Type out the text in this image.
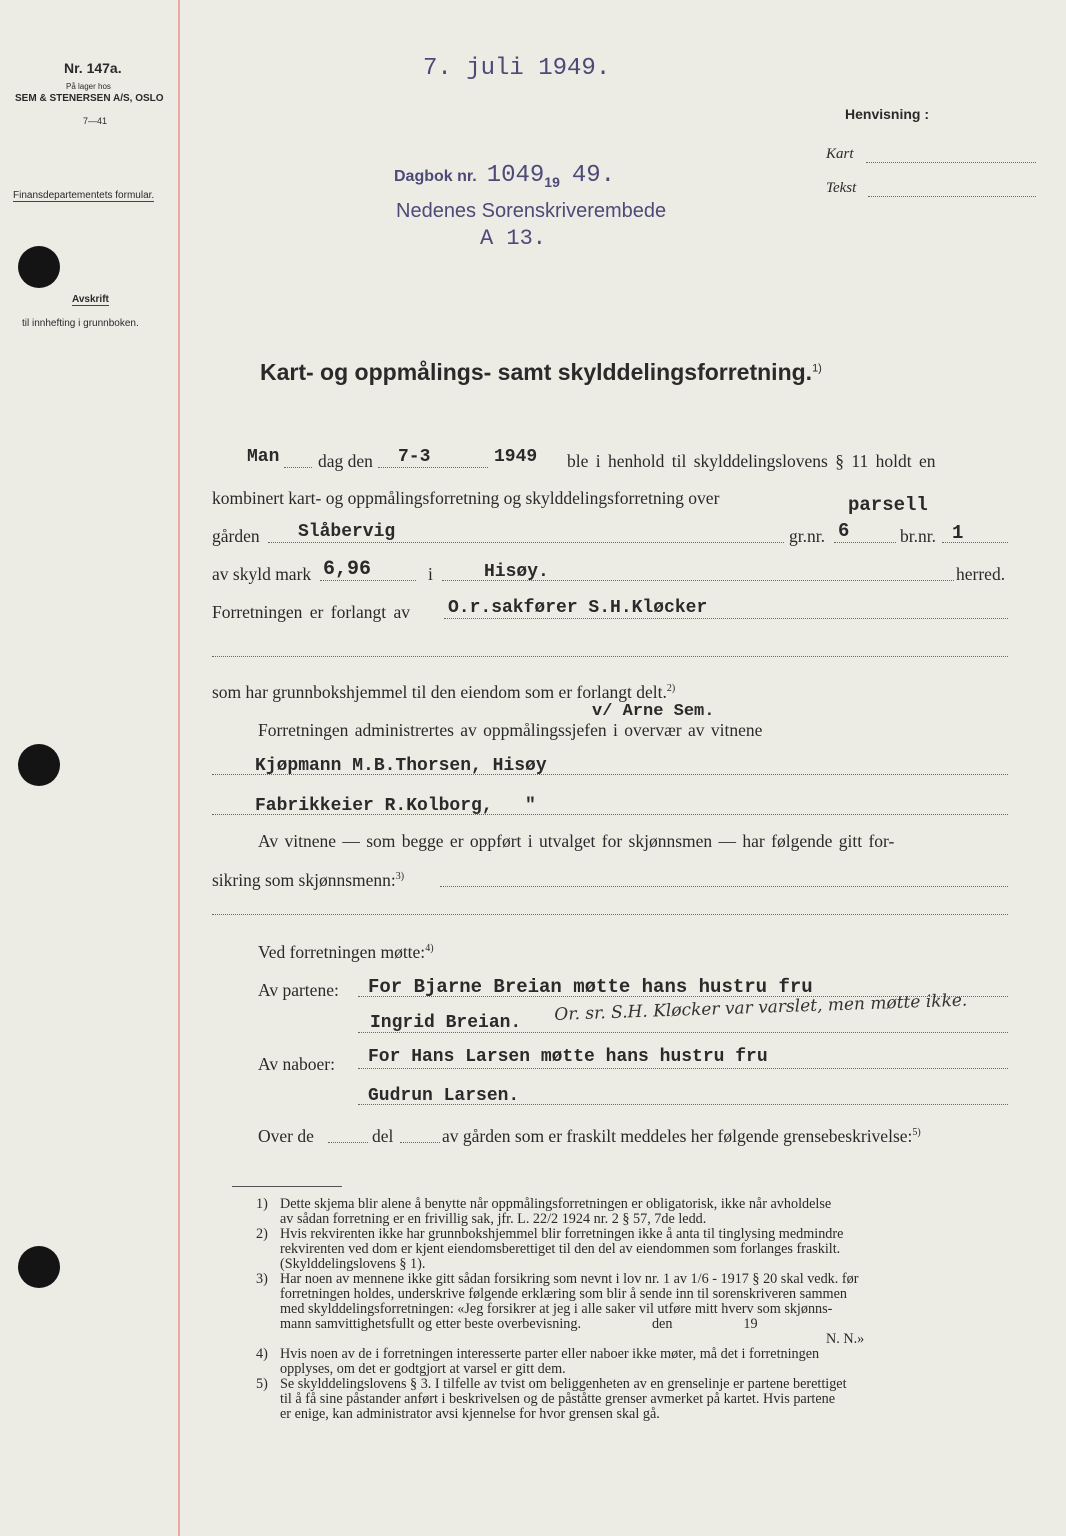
Nr. 147a.
På lager hos
SEM & STENERSEN A/S, OSLO
7—41
Finansdepartementets formular.
Avskrift
til innhefting i grunnboken.
7. juli 1949.
Dagbok nr. 104919 49.
Nedenes Sorenskriverembede
A 13.
Henvisning :
Kart
Tekst
Kart- og oppmålings- samt skylddelingsforretning.$^{1)}$
Man dag den 7-3	1949 ble i henhold til skylddelingslovens § 11 holdt en
kombinert kart- og oppmålingsforretning og skylddelingsforretning over	parsell
gården Slåbervig	gr.nr. 6	br.nr. 1
av skyld mark 6,96	i	Hisøy.	herred.
Forretningen er forlangt av O.r.sakfører S.H.Kløcker
som har grunnbokshjemmel til den eiendom som er forlangt delt.$^{2)}$
v/ Arne Sem.
Forretningen administrertes av oppmålingssjefen i overvær av vitnene
Kjøpmann M.B.Thorsen, Hisøy
Fabrikkeier R.Kolborg,   "
Av vitnene — som begge er oppført i utvalget for skjønnsmen — har følgende gitt for-
sikring som skjønnsmenn:$^{3)}$
Ved forretningen møtte:$^{4)}$
Av partene: For Bjarne Breian møtte hans hustru fru
Ingrid Breian. Or. sr. S.H. Kløcker var varslet, men møtte ikke.
Av naboer: For Hans Larsen møtte hans hustru fru
Gudrun Larsen.
Over de	del	av gården som er fraskilt meddeles her følgende grensebeskrivelse:$^{5)}$
1) Dette skjema blir alene å benytte når oppmålingsforretningen er obligatorisk, ikke når avholdelse
av sådan forretning er en frivillig sak, jfr. L. 22/2 1924 nr. 2 § 57, 7de ledd.
2) Hvis rekvirenten ikke har grunnbokshjemmel blir forretningen ikke å anta til tinglysing medmindre
rekvirenten ved dom er kjent eiendomsberettiget til den del av eiendommen som forlanges fraskilt.
(Skylddelingslovens § 1).
3) Har noen av mennene ikke gitt sådan forsikring som nevnt i lov nr. 1 av 1/6 - 1917 § 20 skal vedk. før
forretningen holdes, underskrive følgende erklæring som blir å sende inn til sorenskriveren sammen
med skylddelingsforretningen: «Jeg forsikrer at jeg i alle saker vil utføre mitt hverv som skjønns-
mann samvittighetsfullt og etter beste overbevisning.                    den                    19
N. N.»
4) Hvis noen av de i forretningen interesserte parter eller naboer ikke møter, må det i forretningen
opplyses, om det er godtgjort at varsel er gitt dem.
5) Se skylddelingslovens § 3. I tilfelle av tvist om beliggenheten av en grenselinje er partene berettiget
til å få sine påstander anført i beskrivelsen og de påståtte grenser avmerket på kartet. Hvis partene
er enige, kan administrator avsi kjennelse for hvor grensen skal gå.
